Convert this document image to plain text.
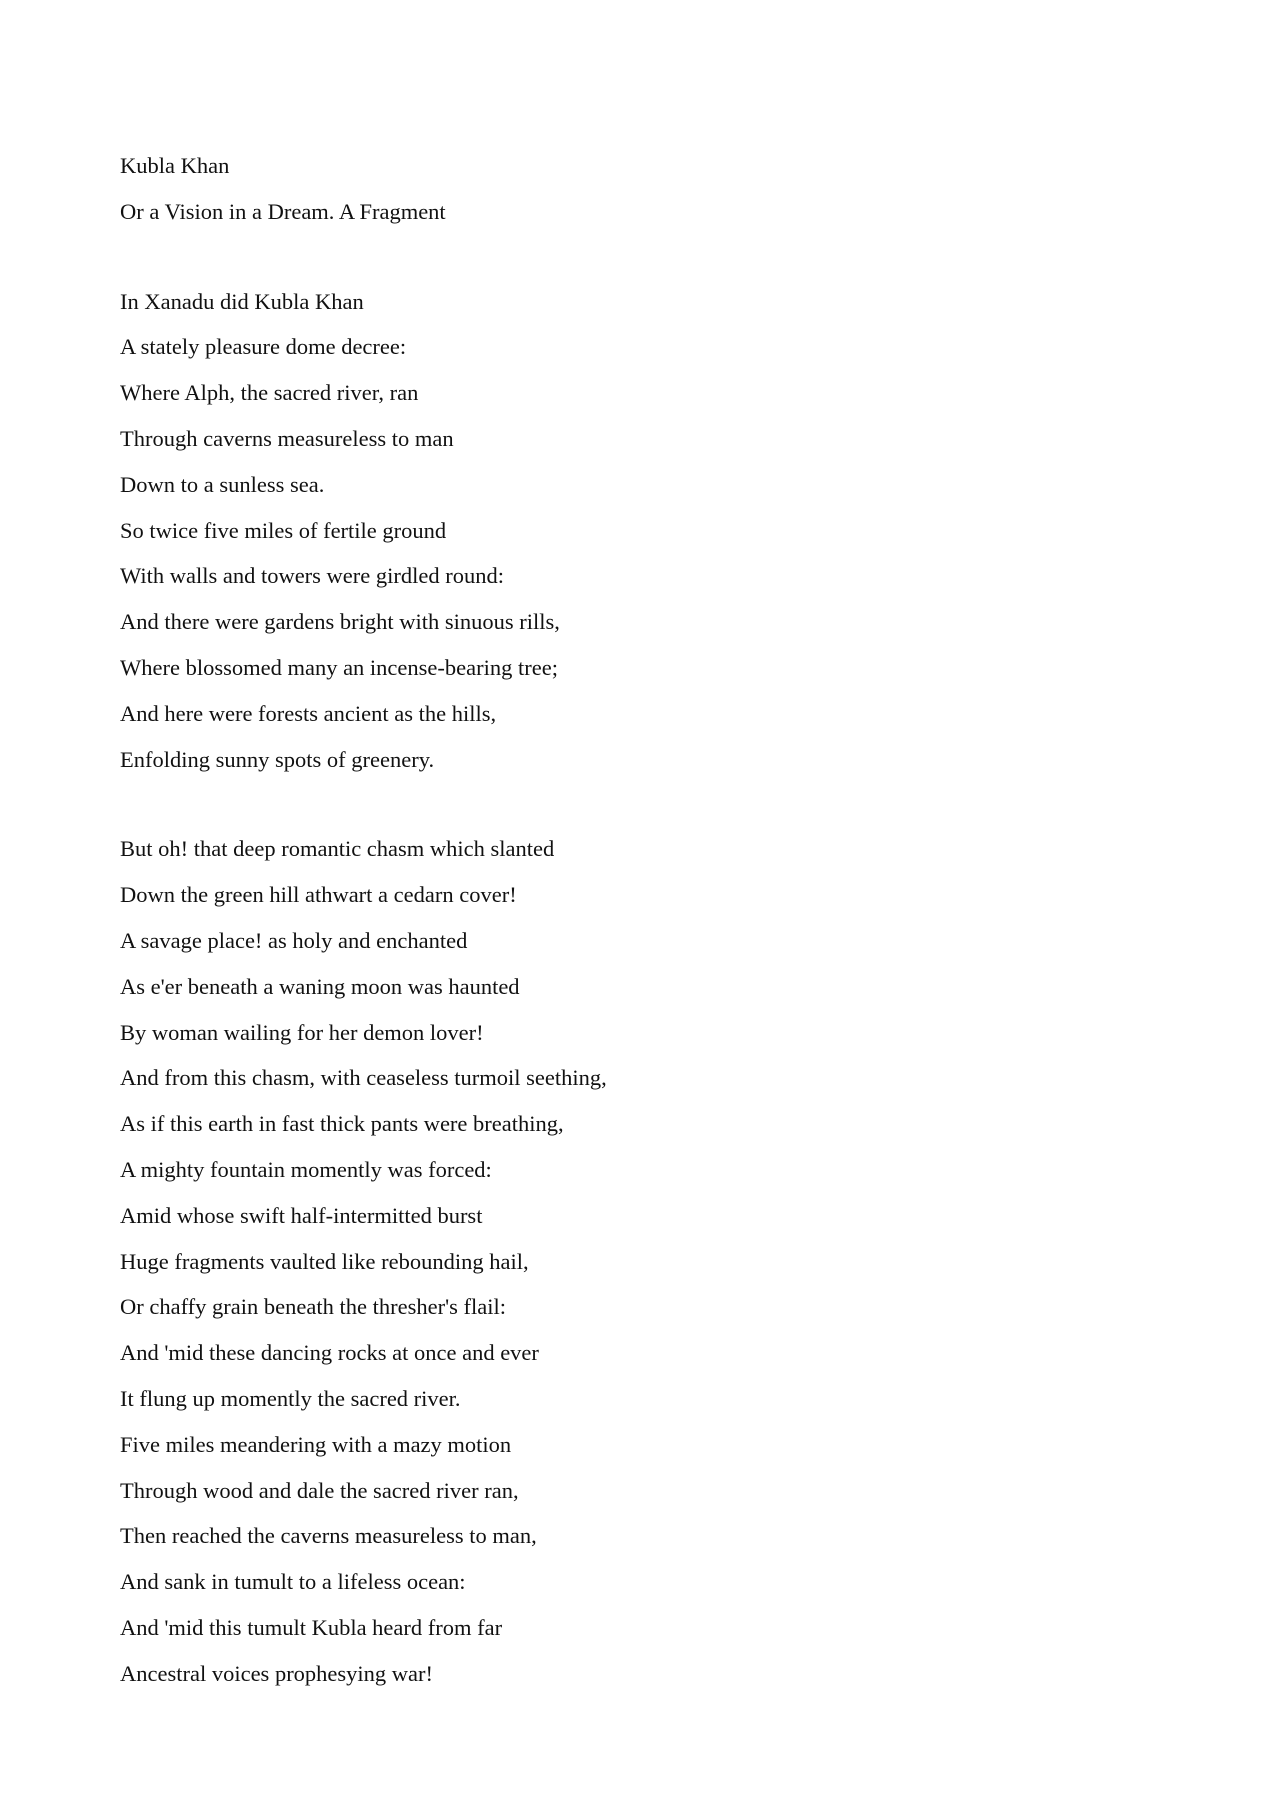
Kubla Khan
Or a Vision in a Dream. A Fragment
In Xanadu did Kubla Khan
A stately pleasure dome decree:
Where Alph, the sacred river, ran
Through caverns measureless to man
Down to a sunless sea.
So twice five miles of fertile ground
With walls and towers were girdled round:
And there were gardens bright with sinuous rills,
Where blossomed many an incense-bearing tree;
And here were forests ancient as the hills,
Enfolding sunny spots of greenery.
But oh! that deep romantic chasm which slanted
Down the green hill athwart a cedarn cover!
A savage place! as holy and enchanted
As e'er beneath a waning moon was haunted
By woman wailing for her demon lover!
And from this chasm, with ceaseless turmoil seething,
As if this earth in fast thick pants were breathing,
A mighty fountain momently was forced:
Amid whose swift half-intermitted burst
Huge fragments vaulted like rebounding hail,
Or chaffy grain beneath the thresher's flail:
And 'mid these dancing rocks at once and ever
It flung up momently the sacred river.
Five miles meandering with a mazy motion
Through wood and dale the sacred river ran,
Then reached the caverns measureless to man,
And sank in tumult to a lifeless ocean:
And 'mid this tumult Kubla heard from far
Ancestral voices prophesying war!
